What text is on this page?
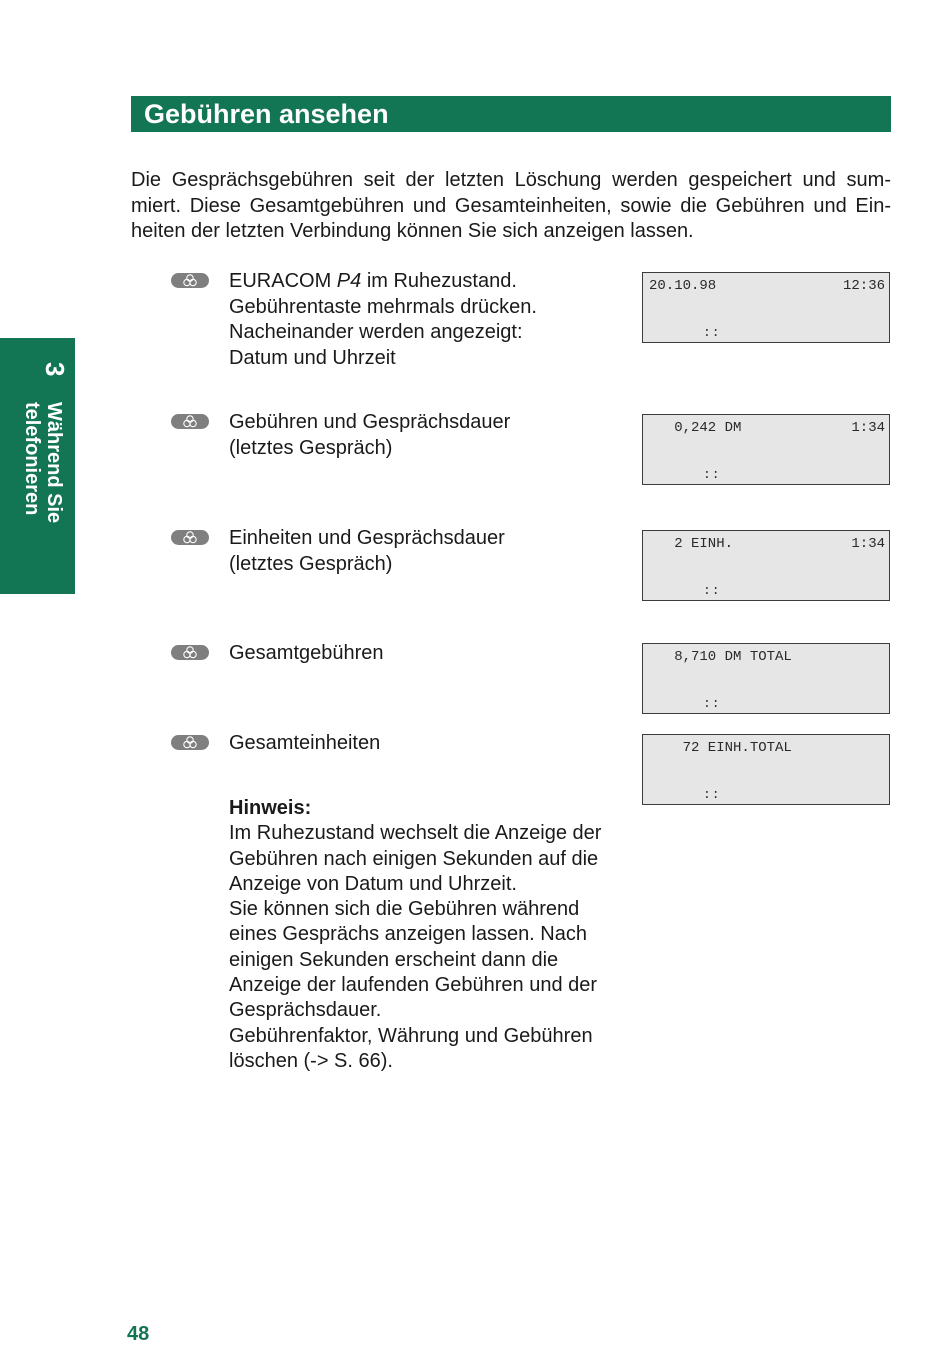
Gebühren ansehen

Die Gesprächsgebühren seit der letzten Löschung werden gespeichert und sum-
miert. Diese Gesamtgebühren und Gesamteinheiten, sowie die Gebühren und Ein-
heiten der letzten Verbindung können Sie sich anzeigen lassen.

3
Während Sie
telefonieren
EURACOM P4 im Ruhezustand.
Gebührentaste mehrmals drücken.
Nacheinander werden angezeigt:
Datum und Uhrzeit
20.10.98	12:36
::
Gebühren und Gesprächsdauer
(letztes Gespräch)
0,242 DM	1:34
::
Einheiten und Gesprächsdauer
(letztes Gespräch)
2 EINH.	1:34
::
Gesamtgebühren	8,710 DM TOTAL
::
Gesamteinheiten	72 EINH.TOTAL
::
Hinweis:
Im Ruhezustand wechselt die Anzeige der
Gebühren nach einigen Sekunden auf die
Anzeige von Datum und Uhrzeit.
Sie können sich die Gebühren während
eines Gesprächs anzeigen lassen. Nach
einigen Sekunden erscheint dann die
Anzeige der laufenden Gebühren und der
Gesprächsdauer.
Gebührenfaktor, Währung und Gebühren
löschen (-> S. 66).
48
